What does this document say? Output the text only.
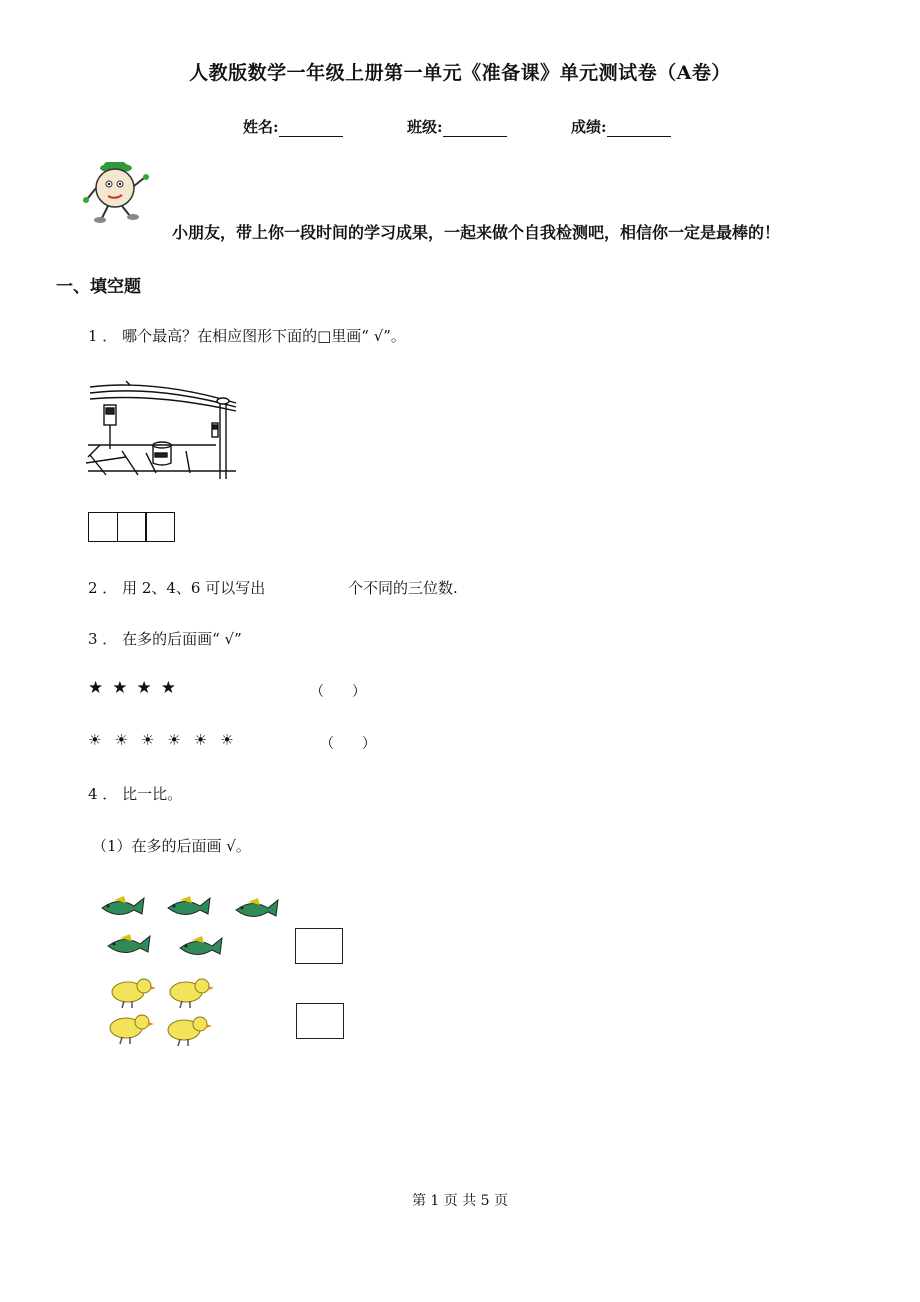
人教版数学一年级上册第一单元《准备课》单元测试卷（A卷）
姓名:	班级:	成绩:
小朋友，带上你一段时间的学习成果，一起来做个自我检测吧，相信你一定是最棒的！
一、填空题
1 ． 哪个最高？在相应图形下面的□里画“ √”。
2 ． 用 2、4、6 可以写出	个不同的三位数.
3 ． 在多的后面画“ √”
★★★★	（　　）
☀☀☀☀☀☀	（　　）
4 ． 比一比。
（1）在多的后面画 √。
第 1 页 共 5 页
